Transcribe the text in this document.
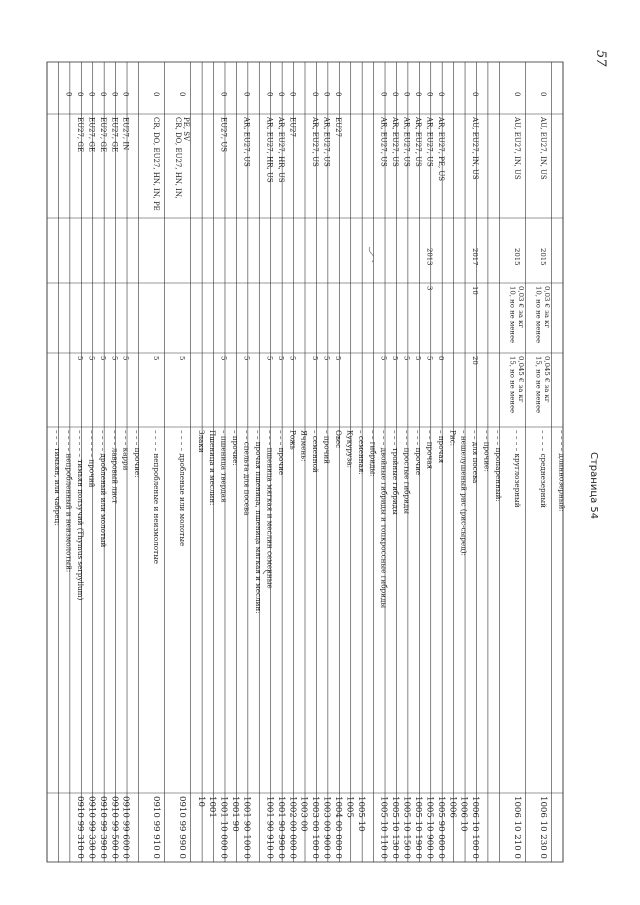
– – – тимьян, или чабрец: – – – – непробленный и неизмолотый:
0
0910 99 310 0
– – – – – тимьян ползучий (Thymus serpyllum)
5
EU27, GE
0
0910 99 330 0
– – – – – прочий
5
EU27, GE
0
0910 99 390 0
– – – – дробленый или молотый
5
EU27, GE
0
0910 99 500 0
– – – лавровый лист
5
EU27, GE
0
0910 99 600 0
– – – карри
5
EU27, IN
0
– – – прочие:
0910 99 910 0
– – – – непробленые и неизмолотые
5
CR, DO, EU27, HN, IN, PE
0
0910 99 990 0
– – – – дробленые или молотые
5
CR, DO, EU27, HN, IN, PE, SV
0
10
Злаки
1001
Пшеница и меслин:
1001 10 000 0
– пшеница твердая
5
EU27, US
0
1001 90
– прочие:
1001 90 100 0
– – спельта для посева
5
AR, EU27, US
0
– – прочая пшеница, пшеница мягкая и меслин:
1001 90 910 0
– – – пшеница мягкая и меслин семенные
5
AR, EU27, HR, US
0
1001 90 990 0
– – – прочие
5
AR, EU27, HR, US
0
1002 00 000 0
Рожь
5
EU27
0
1003 00
Ячмень:
1003 00 100 0
– семенной
5
AR, EU27, US
0
1003 00 900 0
– прочий
5
AR, EU27, US
0
1004 00 000 0
Овес
5
EU27
0
1005
Кукуруза:
1005 10
– семенная: – – гибриды:
1005 10 110 0
– – – двойные гибриды и топкроссные гибриды
5
AR, EU27, US
0
1005 10 130 0
– – – тройные гибриды
5
AR, EU27, US
0
1005 10 150 0
– – – простые гибриды
5
AR, EU27, US
0
1005 10 190 0
– – – прочие
5
AR, EU27, US
0
1005 10 900 0
– – прочая
5
3
2013
AR, EU27, US
0
1005 90 000 0
– прочая
0
AR, EU27, PE, US
0
1006
Рис:
1006 10
– нешелушеный рис (рис-сырец):
1006 10 100 0
– – для посева
20
10
2017
AU, EU27, IN, US
0
– – прочие: – – – пропаренный:
1006 10 210 0
– – – – круглозерный
15, но не менее 0,045 € за кг
10, но не менее 0,03 € за кг
2015
AU, EU27, IN, US
0
1006 10 230 0
– – – – среднезерный
15, но не менее 0,045 € за кг
10, но не менее 0,03 € за кг
2015
AU, EU27, IN, US
0
– – – – длиннозерный:
57
Страница 54
